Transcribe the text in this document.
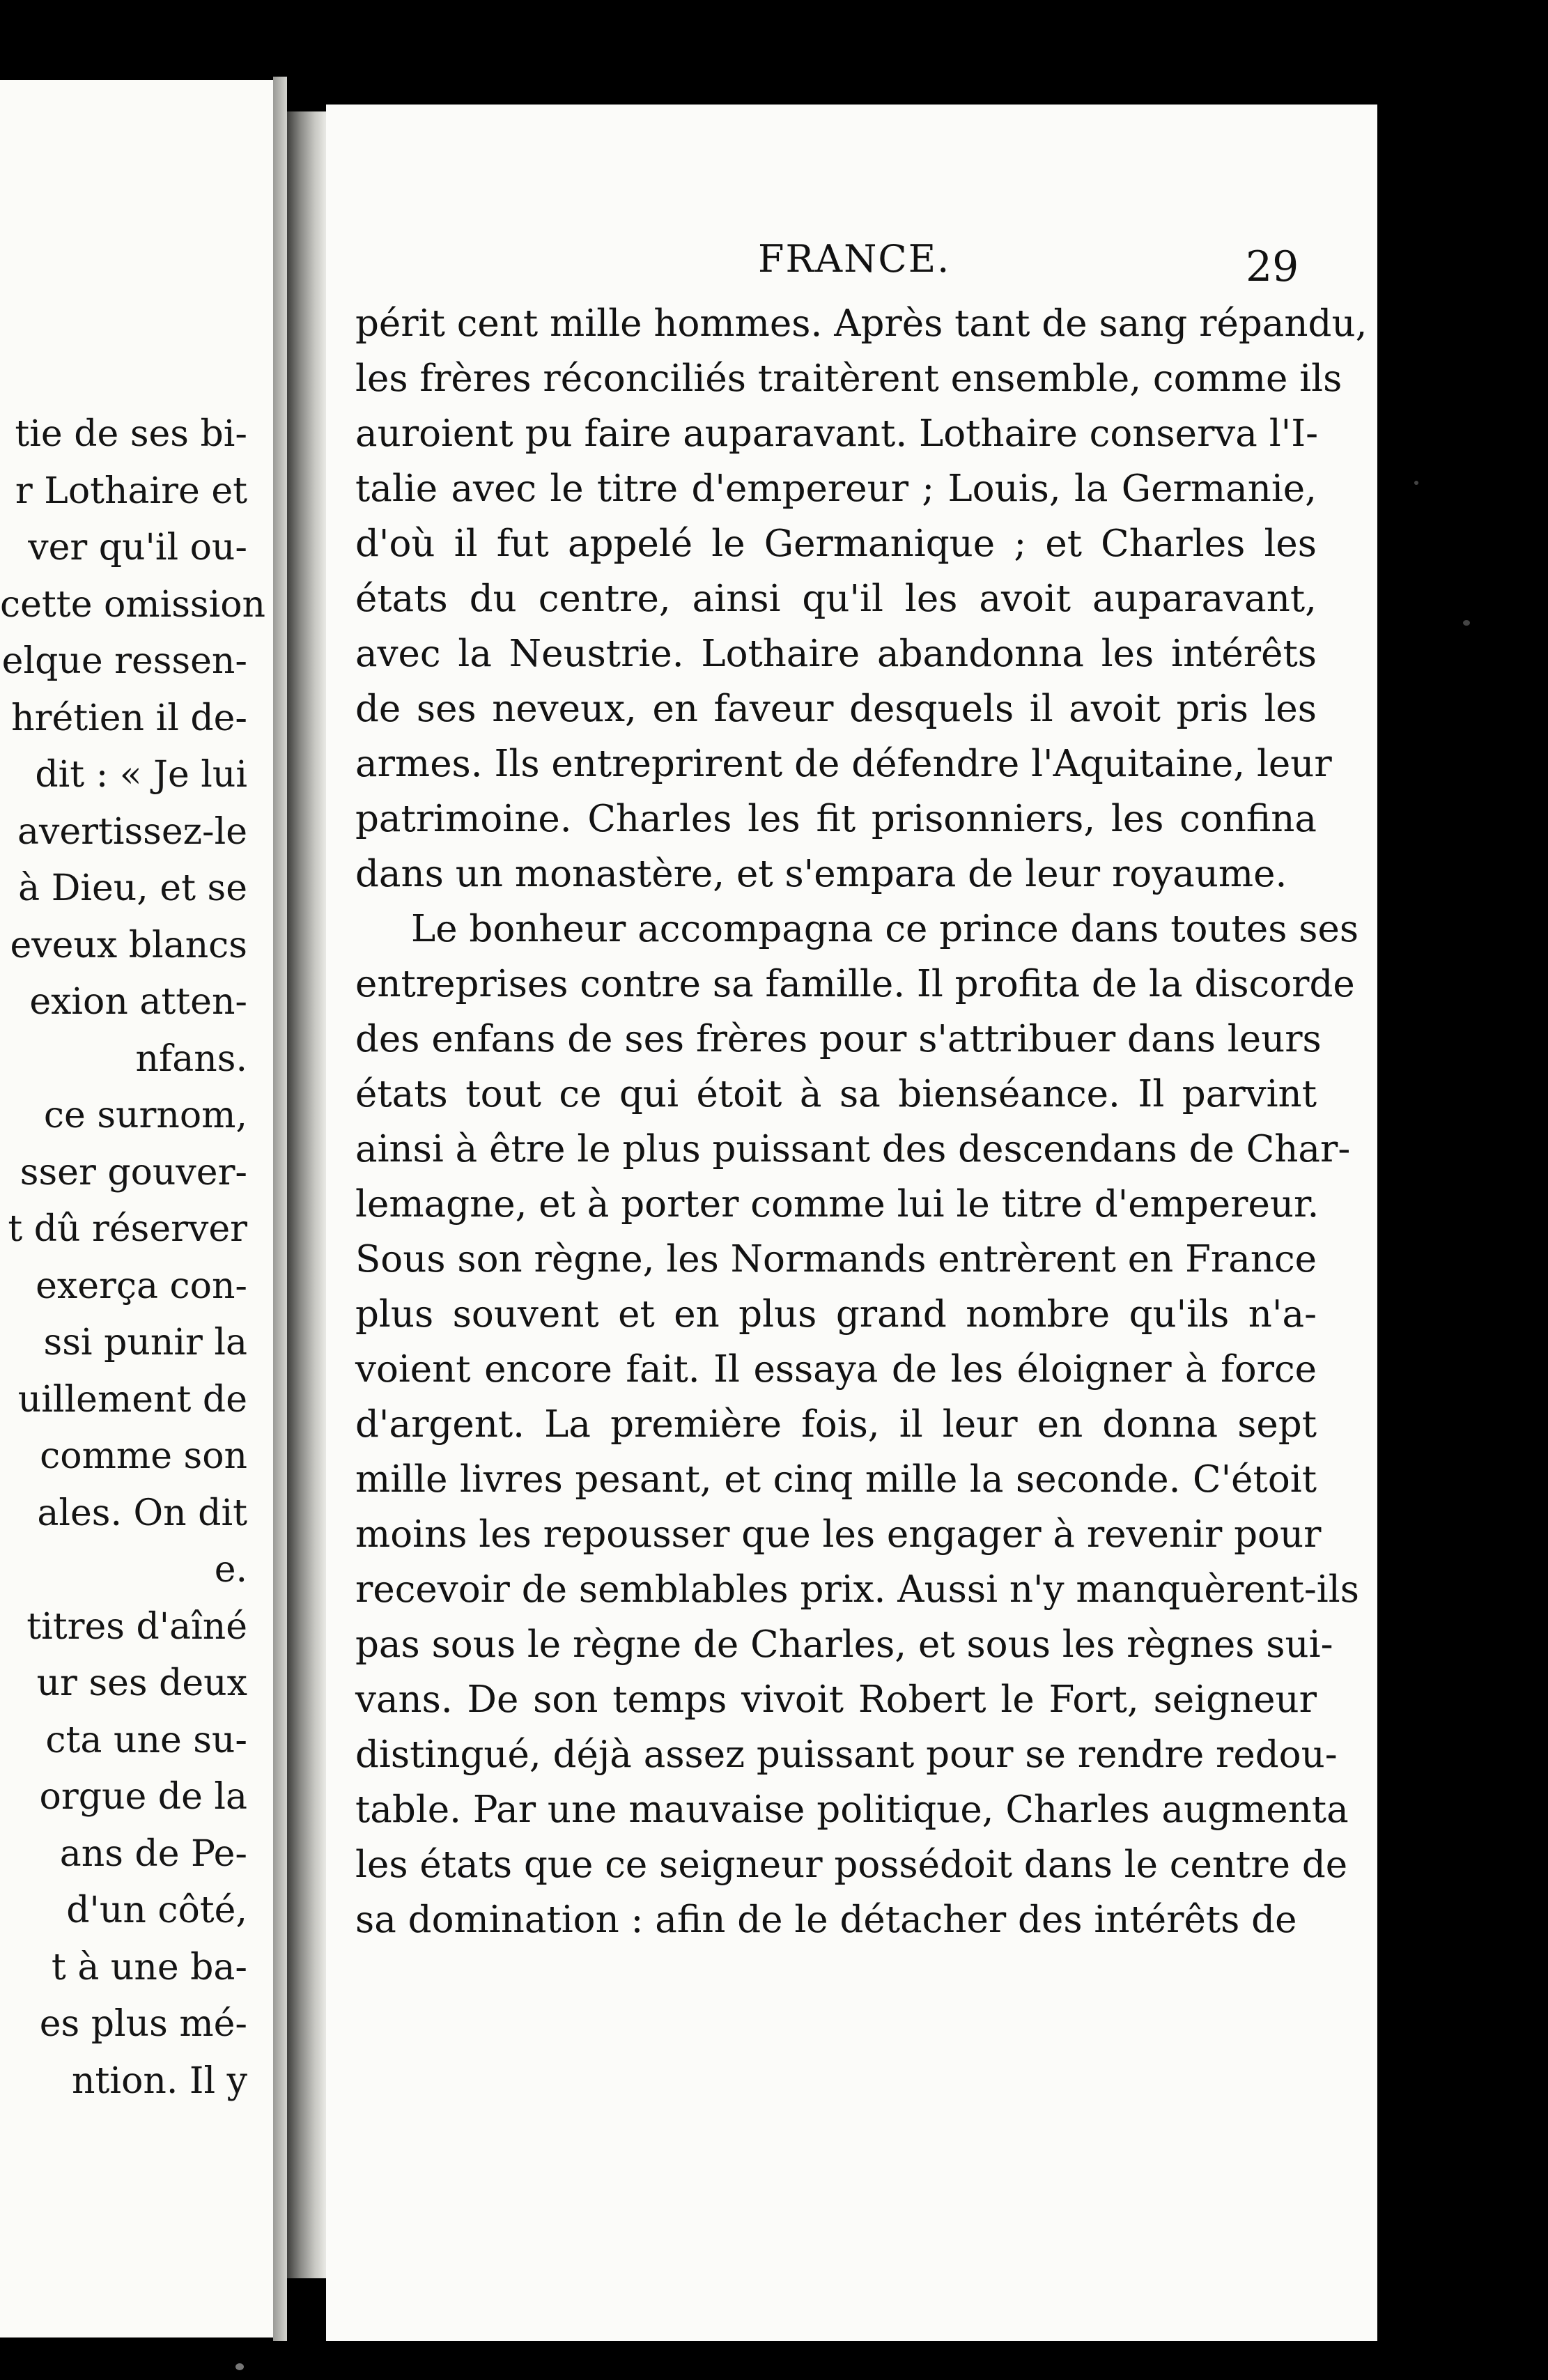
tie de ses bi-
r Lothaire et
ver qu'il ou-
cette omission
elque ressen-
hrétien il de-
dit : « Je lui
avertissez-le
à Dieu, et se
eveux blancs
exion atten-
nfans.
ce surnom,
sser gouver-
t dû réserver
exerça con-
ssi punir la
uillement de
comme son
ales. On dit
e.
titres d'aîné
ur ses deux
cta une su-
orgue de la
ans de Pe-
d'un côté,
t à une ba-
es plus mé-
ntion. Il y
FRANCE.	29
périt cent mille hommes. Après tant de sang répandu,
les frères réconciliés traitèrent ensemble, comme ils
auroient pu faire auparavant. Lothaire conserva l'I-
talie avec le titre d'empereur ; Louis, la Germanie,
d'où il fut appelé le Germanique ; et Charles les
états du centre, ainsi qu'il les avoit auparavant,
avec la Neustrie. Lothaire abandonna les intérêts
de ses neveux, en faveur desquels il avoit pris les
armes. Ils entreprirent de défendre l'Aquitaine, leur
patrimoine. Charles les fit prisonniers, les confina
dans un monastère, et s'empara de leur royaume.
Le bonheur accompagna ce prince dans toutes ses
entreprises contre sa famille. Il profita de la discorde
des enfans de ses frères pour s'attribuer dans leurs
états tout ce qui étoit à sa bienséance. Il parvint
ainsi à être le plus puissant des descendans de Char-
lemagne, et à porter comme lui le titre d'empereur.
Sous son règne, les Normands entrèrent en France
plus souvent et en plus grand nombre qu'ils n'a-
voient encore fait. Il essaya de les éloigner à force
d'argent. La première fois, il leur en donna sept
mille livres pesant, et cinq mille la seconde. C'étoit
moins les repousser que les engager à revenir pour
recevoir de semblables prix. Aussi n'y manquèrent-ils
pas sous le règne de Charles, et sous les règnes sui-
vans. De son temps vivoit Robert le Fort, seigneur
distingué, déjà assez puissant pour se rendre redou-
table. Par une mauvaise politique, Charles augmenta
les états que ce seigneur possédoit dans le centre de
sa domination : afin de le détacher des intérêts de
